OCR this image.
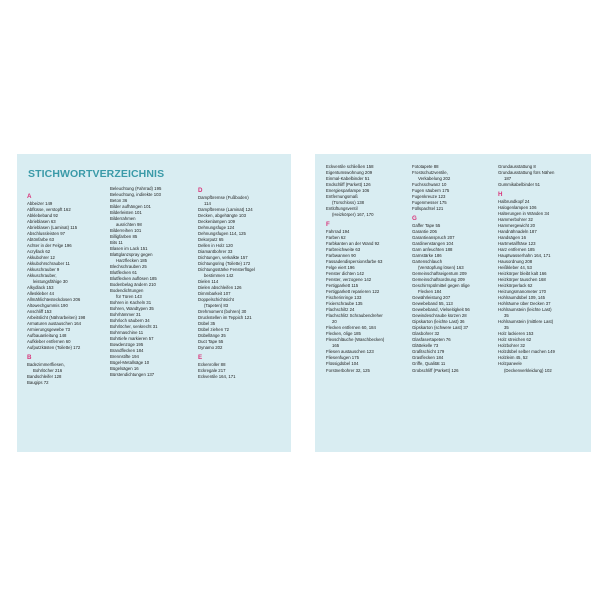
STICHWORTVERZEICHNIS
A
Abbeizer 149
Abflüsse, verstopft 162
Abklebeband 92
Abrieblasen 63
Abrieblasen (Laminat) 115
Abschlussleisten 97
Abtönfarbe 63
Achter in der Felge 196
Acryllack 62
Akkubohrer 12
Akkubohrschrauber 11
Akkuschrauber 9
Akkuschrauber,
leistungsfähige 30
Alkydlack 153
Allesklеber 44
Allmählichtesteckdosen 206
Altowechgummis 190
Anschliff 153
Arbeitslicht (Nährarbeiten) 198
Armaturen austauschen 164
Armierungsgewebe 73
Aufbauanleitung 148
Aufkleber entfernen 60
Aufputzkästen (Toilette) 172
B
Badezimmerfliesen,
Bohrlöcher 216
Bandschleifer 128
Baugips 72
Beleuchtung (Fahrrad) 195
Beleuchtung, indirekte 103
Beton 36
Bilder aufhängen 101
Bilderleisten 101
Bilderrahmen
ausrichten 98
Bilderreihen 101
Billigfarben 85
Bits 11
Blasen im Lack 151
Blattglanzspray gegen
Harzflecken 185
Blechschrauben 25
Blutflecken 61
Blutflecken auflösen 185
Bodenbelag ändern 210
Bodendichtungen
für Türen 143
Bohren in Kacheln 31
Bohren, Wandtypen 35
Bohrhämmer 31
Bohrloch säubern 34
Bohrlöcher, senkrecht 31
Bohrmaschine 11
Bohrtiefe markieren 57
Bowdenzüge 195
Brandflecken 184
Brennstifte 194
Bügel-Metallsäge 10
Bügelsägen 16
Bürstendichtungen 137
D
Dampfbremse (Fußboden)
114
Dampfbremse (Laminat) 124
Decken, abgehängte 103
Deckenlampen 109
Dehnungsfuge 124
Dehnungsfugen 114, 125
Dekorputz 65
Dellen in Holz 120
Diamantbohrer 33
Dichtungen, verkalkte 157
Dichtungsring (Toilette) 172
Dichtungsstärke Fensterflügel
bestimmen 142
Dielen 114
Dielen abschleifen 126
Dimmbarkeit 107
Doppelschichtsicht
(Tapeten) 83
Drehmoment (bohren) 30
Druckstellen im Teppich 121
Dübel 35
Dübel ziehen 72
Dübellänge 35
Duct Tape 55
Dynamo 202
E
Eckenroller 88
Eckregale 217
Eckventile 164, 171
Eckventile schließen 158
Eigentumswohnung 209
Einmal-Kabelbinder 51
Endschliff (Parkett) 126
Energiesparlampe 106
Entfernungsmaß
(Türschloss) 138
Entlüftungsventil
(Heizkörper) 167, 170
F
Fahrrad 194
Farben 62
Farbkanten an der Wand 92
Farbreichweite 63
Farbwannen 90
Fassadendispersionsfarbe 63
Felge eiert 196
Fenster dichten 142
Fenster, verzogene 142
Fertigparkett 115
Fertigparkett reparieren 122
Fischerinringe 133
Fixierschraube 135
Flachschiltz 24
Flachschlitz Schraubendreher
20
Flecken entfernen 60, 184
Flecken, ölige 185
Flexschläuche (Waschbecken)
165
Fliesen austauschen 123
Fliesenfugen 175
Flüssigdübel 104
Forstnerbohrer 32, 125
Fototapete 88
Frostschutzventile,
Verkabelung 202
Fuchsschwanz 10
Fugen säubern 175
Fugenkreuze 123
Fugenmesser 175
Füllspachtel 121
G
Gaffer Tape 55
Garantie 206
Garantieanspruch 207
Gardinenstangen 104
Garn anfeuchten 188
Garnstärke 186
Gartenschlauch
(Verstopfung lösen) 163
Gemeinschaftseigentum 209
Gemeinschaftsordnung 209
Geschirrspülmittel gegen ölige
Flecken 184
Gewährleistung 207
Gewebeband 55, 113
Gewebeband, Vielseitigkeit 56
Gewindeschraube kürzen 28
Gipskarton (leichte Last) 36
Gipskarton (schwere Last) 37
Glasbohrer 32
Glasfasertapeten 76
Glättekelle 73
Grafitschicht 179
Grasflecken 184
Griffe, Qualität 11
Grobschliff (Parkett) 126
Grundausstattung 8
Grundausstattung fürs Nähen
187
Gummikabelbinder 51
H
Halbrundkopf 24
Halogenlampen 106
Halterungen in Wänden 34
Hammerbohrer 32
Hammergewicht 20
Handnähnadeln 187
Handsägen 16
Hartmetallfräse 123
Harz entfernen 185
Hauptwasserhahn 164, 171
Hausordnung 208
Heißkleber 44, 53
Heizkörper bleibt kalt 166
Heizkörper tauschen 168
Heizkörperlack 62
Heizungsmanometer 170
Hohlraumdübel 109, 145
Hohlräume über Decken 37
Hohlraumstein (leichte Last)
35
Hohlraumstein (mittlere Last)
35
Holz lackieren 153
Holz streichen 62
Holzbohrer 32
Holzdübel selber machen 149
Holzleim 45, 52
Holzpaneele
(Deckenverkleidung) 102
